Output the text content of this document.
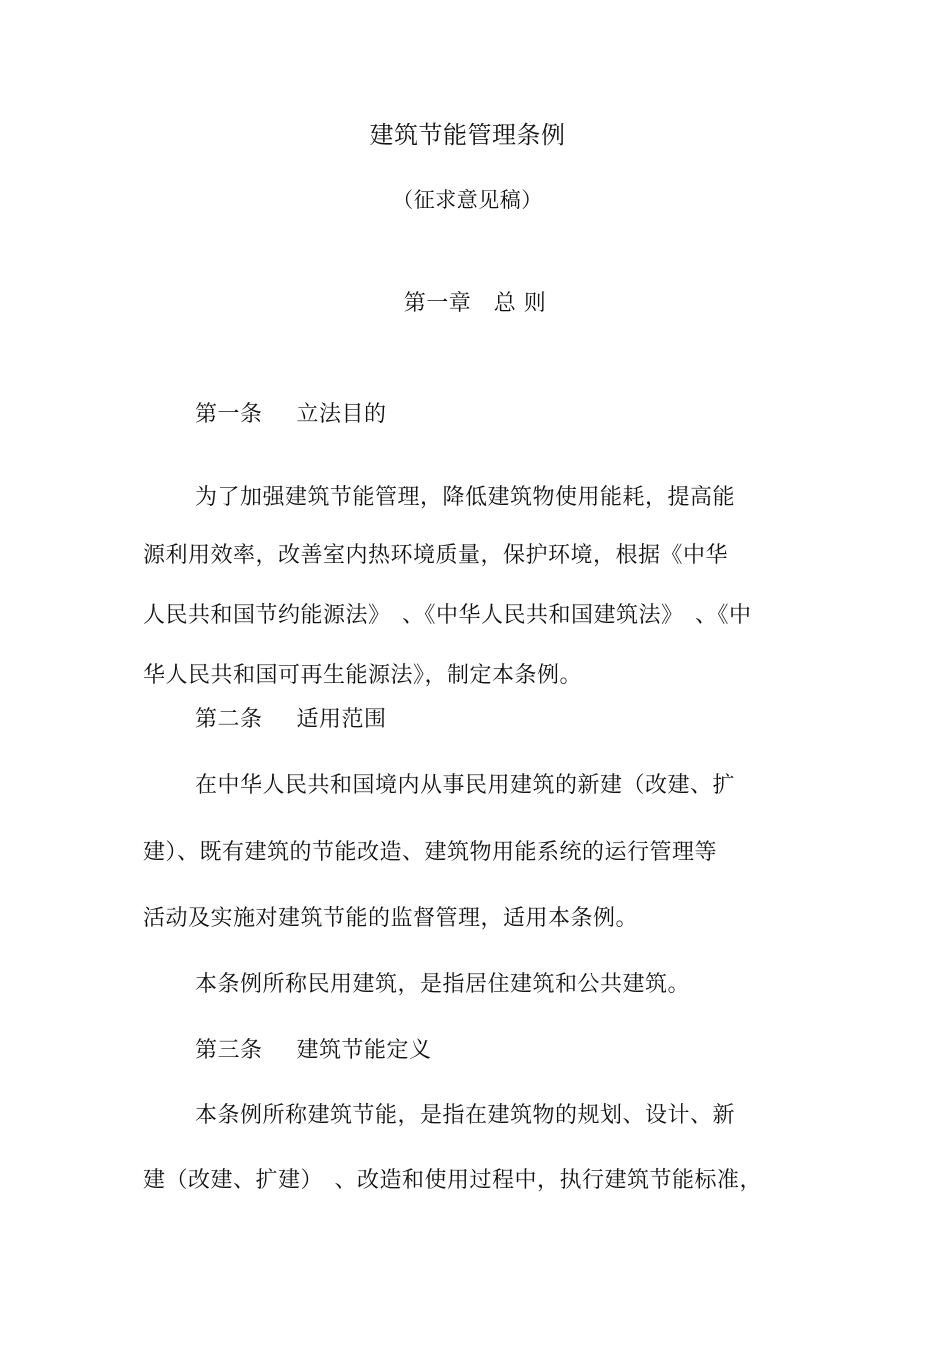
建筑节能管理条例
（征求意见稿）
第一章　总 则
第一条 立法目的
为了加强建筑节能管理，降低建筑物使用能耗，提高能
源利用效率，改善室内热环境质量，保护环境，根据《中华
人民共和国节约能源法》　、《中华人民共和国建筑法》　、《中
华人民共和国可再生能源法》，制定本条例。
第二条 适用范围
在中华人民共和国境内从事民用建筑的新建（改建、扩
建）、既有建筑的节能改造、建筑物用能系统的运行管理等
活动及实施对建筑节能的监督管理，适用本条例。
本条例所称民用建筑，是指居住建筑和公共建筑。
第三条 建筑节能定义
本条例所称建筑节能，是指在建筑物的规划、设计、新
建（改建、扩建）　、改造和使用过程中，执行建筑节能标准，
